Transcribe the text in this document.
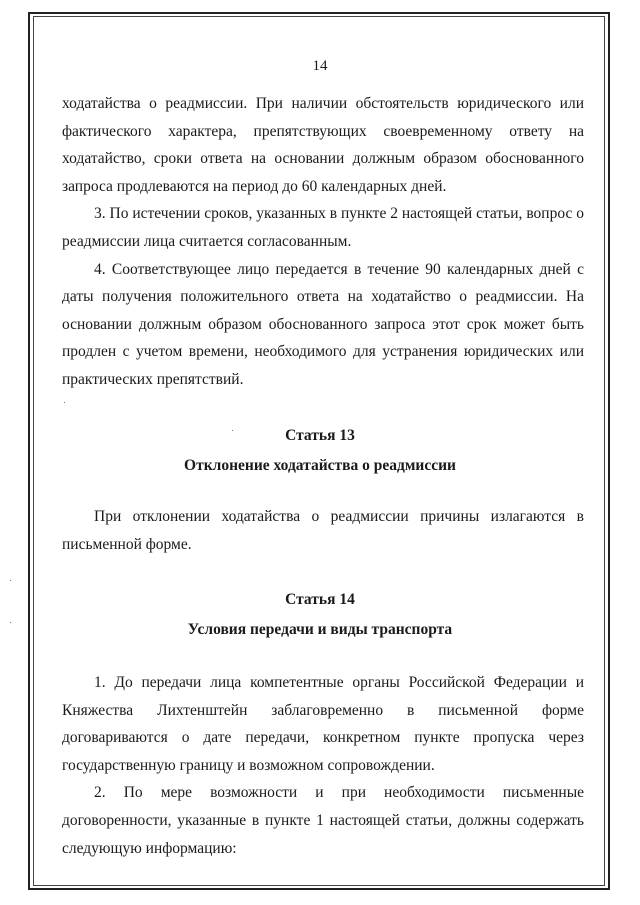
14

ходатайства о реадмиссии. При наличии обстоятельств юридического или фактического характера, препятствующих своевременному ответу на ходатайство, сроки ответа на основании должным образом обоснованного запроса продлеваются на период до 60 календарных дней.

3. По истечении сроков, указанных в пункте 2 настоящей статьи, вопрос о реадмиссии лица считается согласованным.

4. Соответствующее лицо передается в течение 90 календарных дней с даты получения положительного ответа на ходатайство о реадмиссии. На основании должным образом обоснованного запроса этот срок может быть продлен с учетом времени, необходимого для устранения юридических или практических препятствий.

Статья 13
Отклонение ходатайства о реадмиссии

При отклонении ходатайства о реадмиссии причины излагаются в письменной форме.

Статья 14
Условия передачи и виды транспорта

1. До передачи лица компетентные органы Российской Федерации и Княжества Лихтенштейн заблаговременно в письменной форме договариваются о дате передачи, конкретном пункте пропуска через государственную границу и возможном сопровождении.

2. По мере возможности и при необходимости письменные договоренности, указанные в пункте 1 настоящей статьи, должны содержать следующую информацию:
